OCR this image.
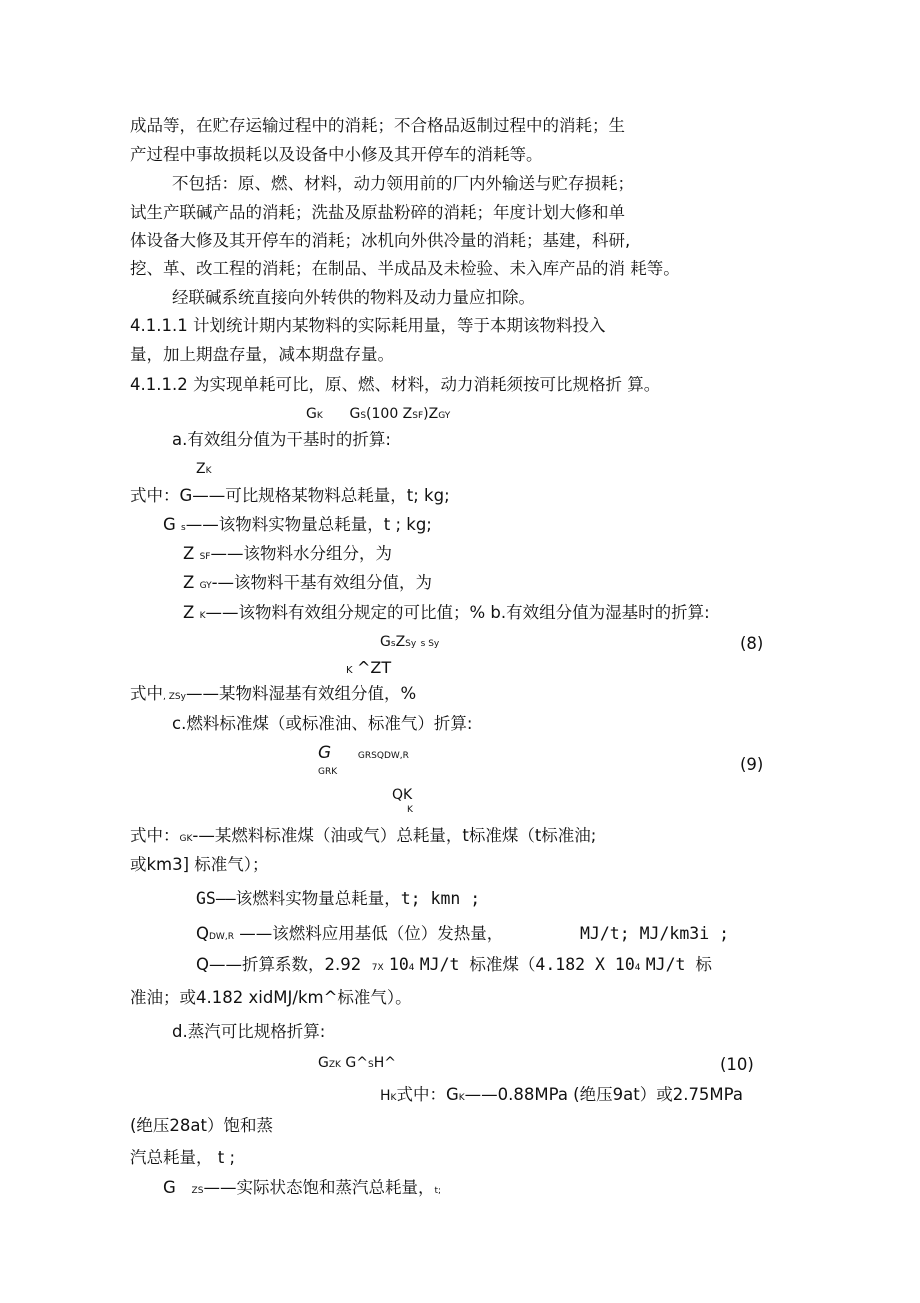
成品等，在贮存运输过程中的消耗；不合格品返制过程中的消耗；生
产过程中事故损耗以及设备中小修及其开停车的消耗等。
不包括：原、燃、材料，动力领用前的厂内外输送与贮存损耗；
试生产联碱产品的消耗；洗盐及原盐粉碎的消耗；年度计划大修和单
体设备大修及其开停车的消耗；冰机向外供冷量的消耗；基建，科研,
挖、革、改工程的消耗；在制品、半成品及未检验、未入库产品的消 耗等。
经联碱系统直接向外转供的物料及动力量应扣除。
4.1.1.1 计划统计期内某物料的实际耗用量，等于本期该物料投入
量，加上期盘存量，减本期盘存量。
4.1.1.2 为实现单耗可比，原、燃、材料，动力消耗须按可比规格折 算。
GK GS(100 ZSF)ZGY
a.有效组分值为干基时的折算:
ZK
式中：G——可比规格某物料总耗量，t; kg;
G s——该物料实物量总耗量，t ; kg;
Z SF——该物料水分组分，为
Z GY-—该物料干基有效组分值，为
Z K——该物料有效组分规定的可比值；% b.有效组分值为湿基时的折算:
GsZSy s Sy	(8)
K ^ZT
式中, ZSy——某物料湿基有效组分值，%
c.燃料标准煤（或标准油、标准气）折算:
G	GRSQDW,R
GRK	(9)
QK
K
式中：GK-—某燃料标准煤（油或气）总耗量，t标准煤（t标准油;
或km3] 标准气）；
GS——该燃料实物量总耗量，t; kmn ;
QDW,R ——该燃料应用基低（位）发热量，	MJ/t; MJ/km3i ;
Q——折算系数，2.92 7X 104 MJ/t 标准煤（4.182 X 104 MJ/t 标
准油；或4.182 xidMJ/km^标准气）。
d.蒸汽可比规格折算:
GZK G^SH^	(10)
HK式中：GK——0.88MPa (绝压9at）或2.75MPa
(绝压28at）饱和蒸
汽总耗量， t ;
G ZS——实际状态饱和蒸汽总耗量，t;
